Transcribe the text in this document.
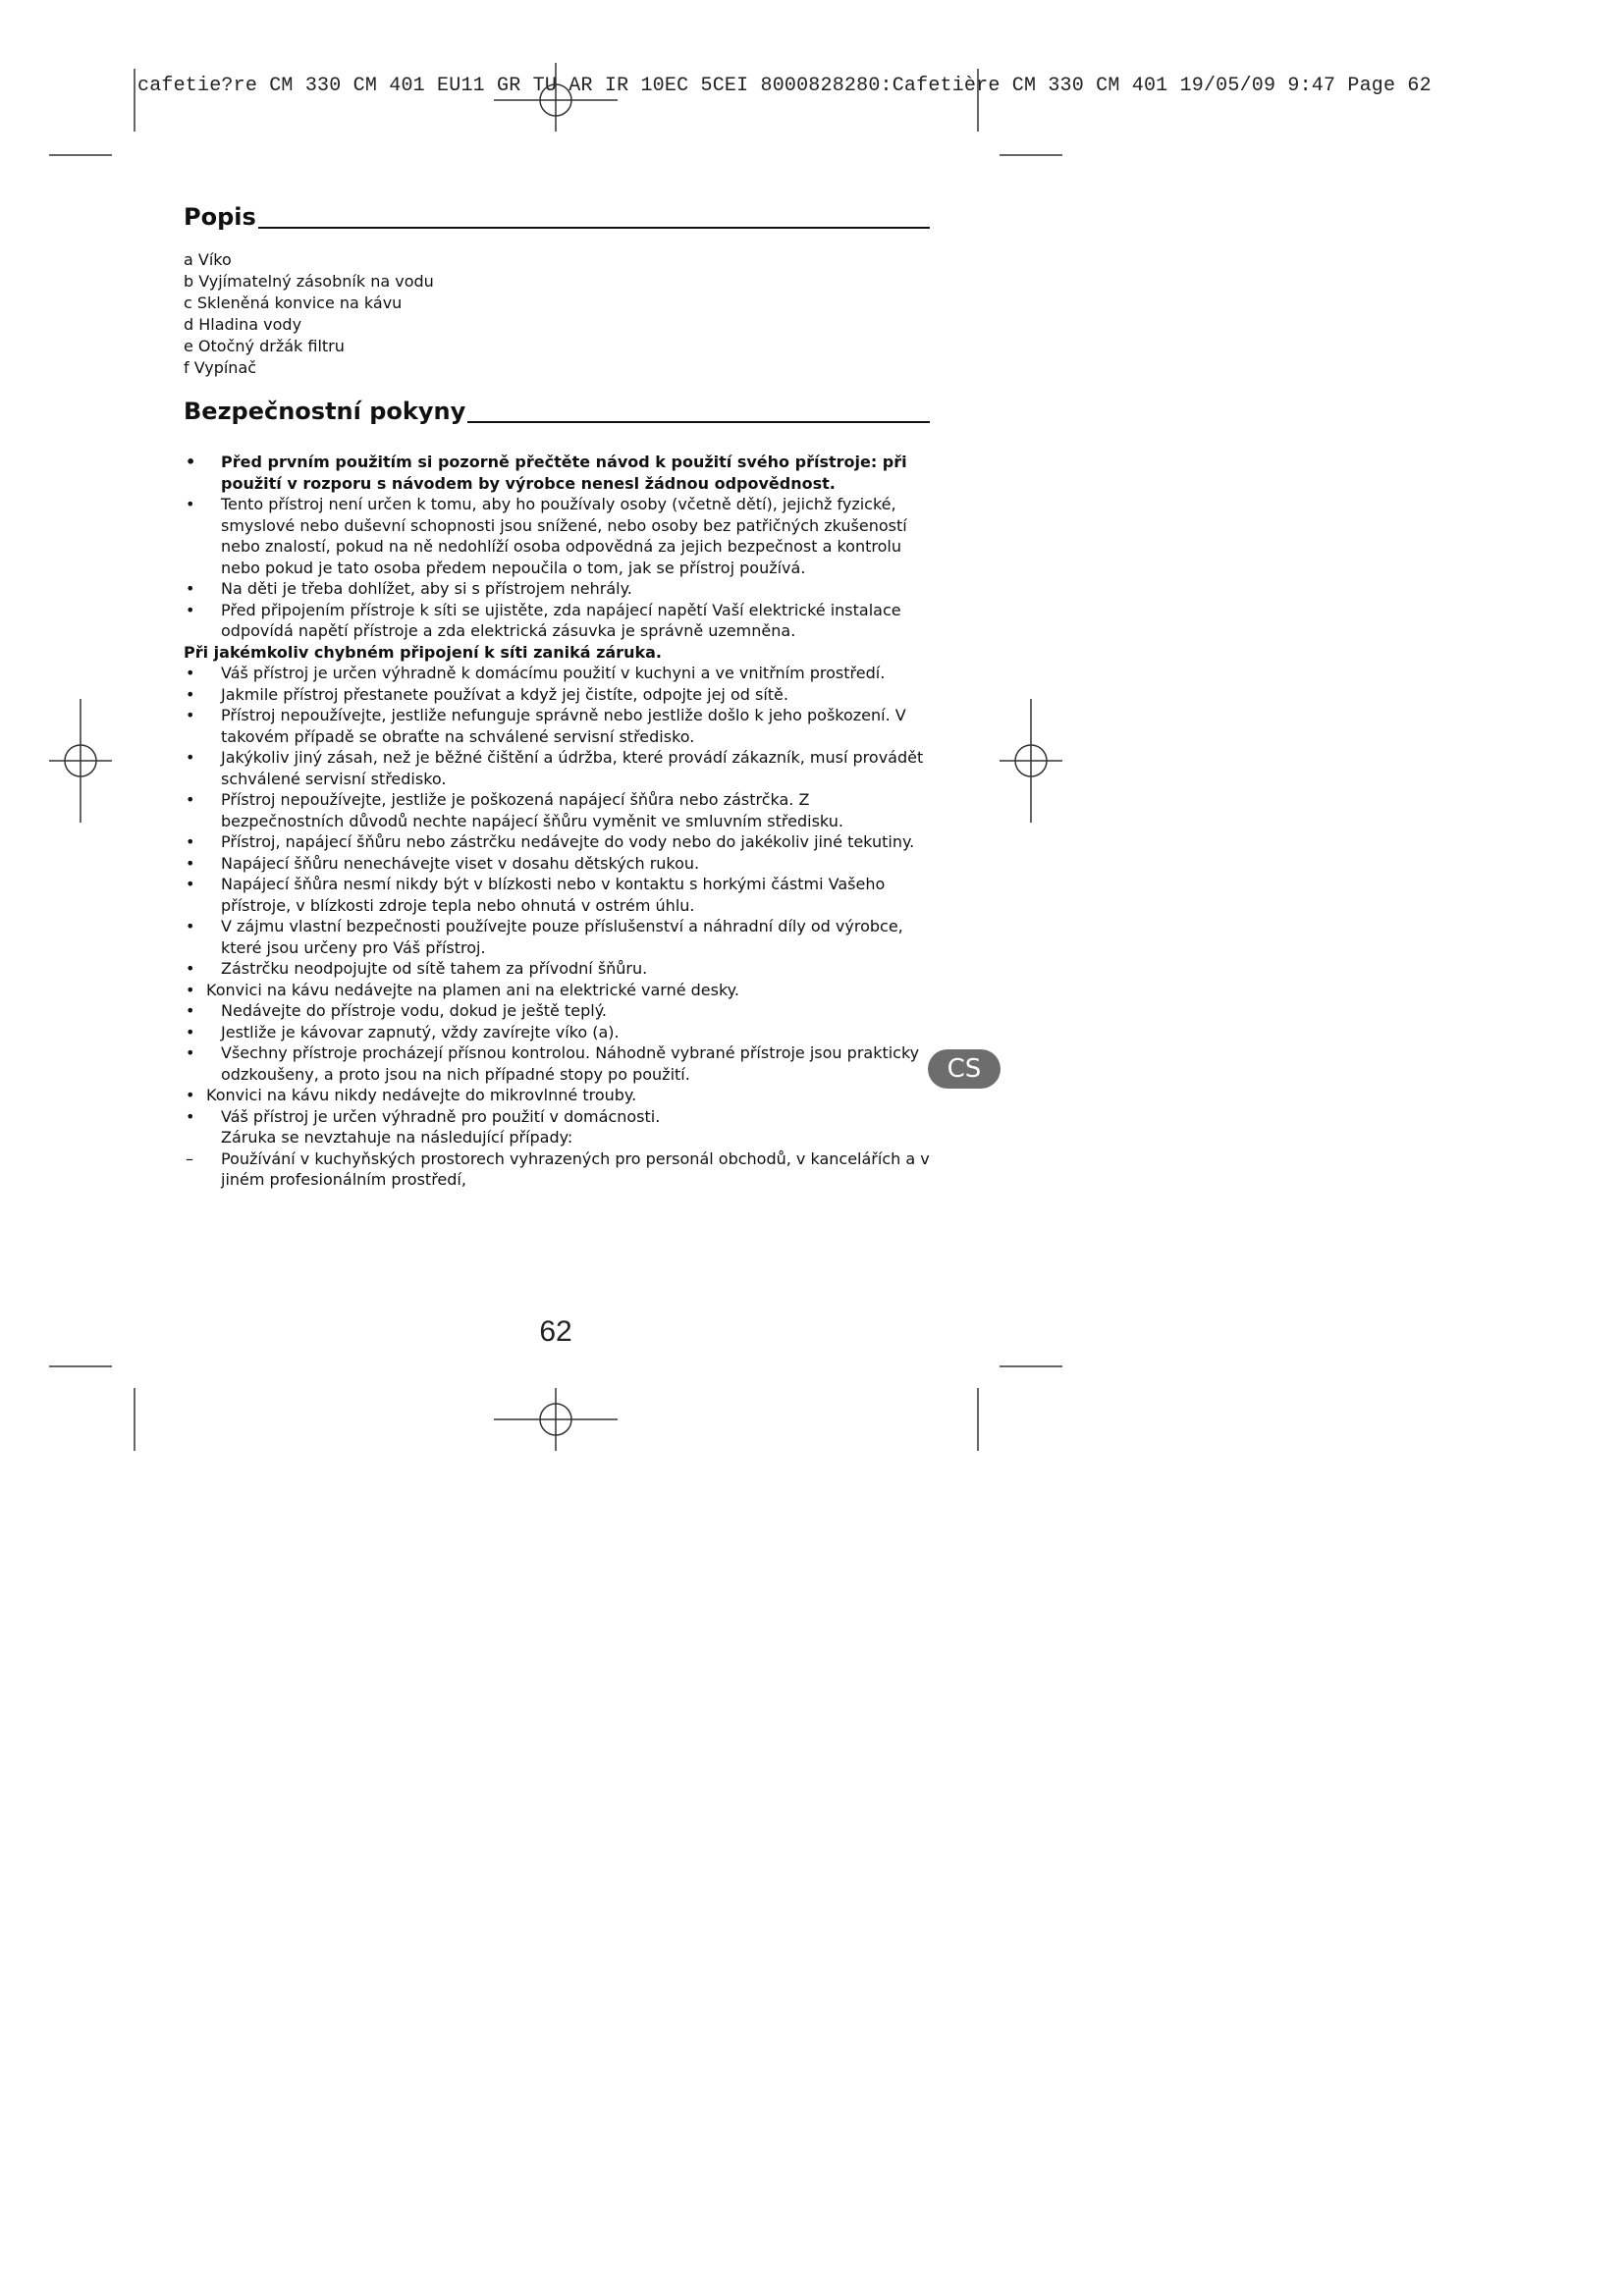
cafetie?re CM 330 CM 401 EU11 GR TU AR IR 10EC 5CEI 8000828280:Cafetière CM 330 CM 401 19/05/09 9:47 Page 62
Popis
a Víko
b Vyjímatelný zásobník na vodu
c Skleněná konvice na kávu
d Hladina vody
e Otočný držák filtru
f Vypínač
Bezpečnostní pokyny
• Před prvním použitím si pozorně přečtěte návod k použití svého přístroje: při použití v rozporu s návodem by výrobce nenesl žádnou odpovědnost.
• Tento přístroj není určen k tomu, aby ho používaly osoby (včetně dětí), jejichž fyzické, smyslové nebo duševní schopnosti jsou snížené, nebo osoby bez patřičných zkušeností nebo znalostí, pokud na ně nedohlíží osoba odpovědná za jejich bezpečnost a kontrolu nebo pokud je tato osoba předem nepoučila o tom, jak se přístroj používá.
• Na děti je třeba dohlížet, aby si s přístrojem nehrály.
• Před připojením přístroje k síti se ujistěte, zda napájecí napětí Vaší elektrické instalace odpovídá napětí přístroje a zda elektrická zásuvka je správně uzemněna.
Při jakémkoliv chybném připojení k síti zaniká záruka.
• Váš přístroj je určen výhradně k domácímu použití v kuchyni a ve vnitřním prostředí.
• Jakmile přístroj přestanete používat a když jej čistíte, odpojte jej od sítě.
• Přístroj nepoužívejte, jestliže nefunguje správně nebo jestliže došlo k jeho poškození. V takovém případě se obraťte na schválené servisní středisko.
• Jakýkoliv jiný zásah, než je běžné čištění a údržba, které provádí zákazník, musí provádět schválené servisní středisko.
• Přístroj nepoužívejte, jestliže je poškozená napájecí šňůra nebo zástrčka. Z bezpečnostních důvodů nechte napájecí šňůru vyměnit ve smluvním středisku.
• Přístroj, napájecí šňůru nebo zástrčku nedávejte do vody nebo do jakékoliv jiné tekutiny.
• Napájecí šňůru nenechávejte viset v dosahu dětských rukou.
• Napájecí šňůra nesmí nikdy být v blízkosti nebo v kontaktu s horkými částmi Vašeho přístroje, v blízkosti zdroje tepla nebo ohnutá v ostrém úhlu.
• V zájmu vlastní bezpečnosti používejte pouze příslušenství a náhradní díly od výrobce, které jsou určeny pro Váš přístroj.
• Zástrčku neodpojujte od sítě tahem za přívodní šňůru.
• Konvici na kávu nedávejte na plamen ani na elektrické varné desky.
• Nedávejte do přístroje vodu, dokud je ještě teplý.
• Jestliže je kávovar zapnutý, vždy zavírejte víko (a).
• Všechny přístroje procházejí přísnou kontrolou. Náhodně vybrané přístroje jsou prakticky odzkoušeny, a proto jsou na nich případné stopy po použití.
• Konvici na kávu nikdy nedávejte do mikrovlnné trouby.
• Váš přístroj je určen výhradně pro použití v domácnosti.
Záruka se nevztahuje na následující případy:
– Používání v kuchyňských prostorech vyhrazených pro personál obchodů, v kancelářích a v jiném profesionálním prostředí,
CS
62
